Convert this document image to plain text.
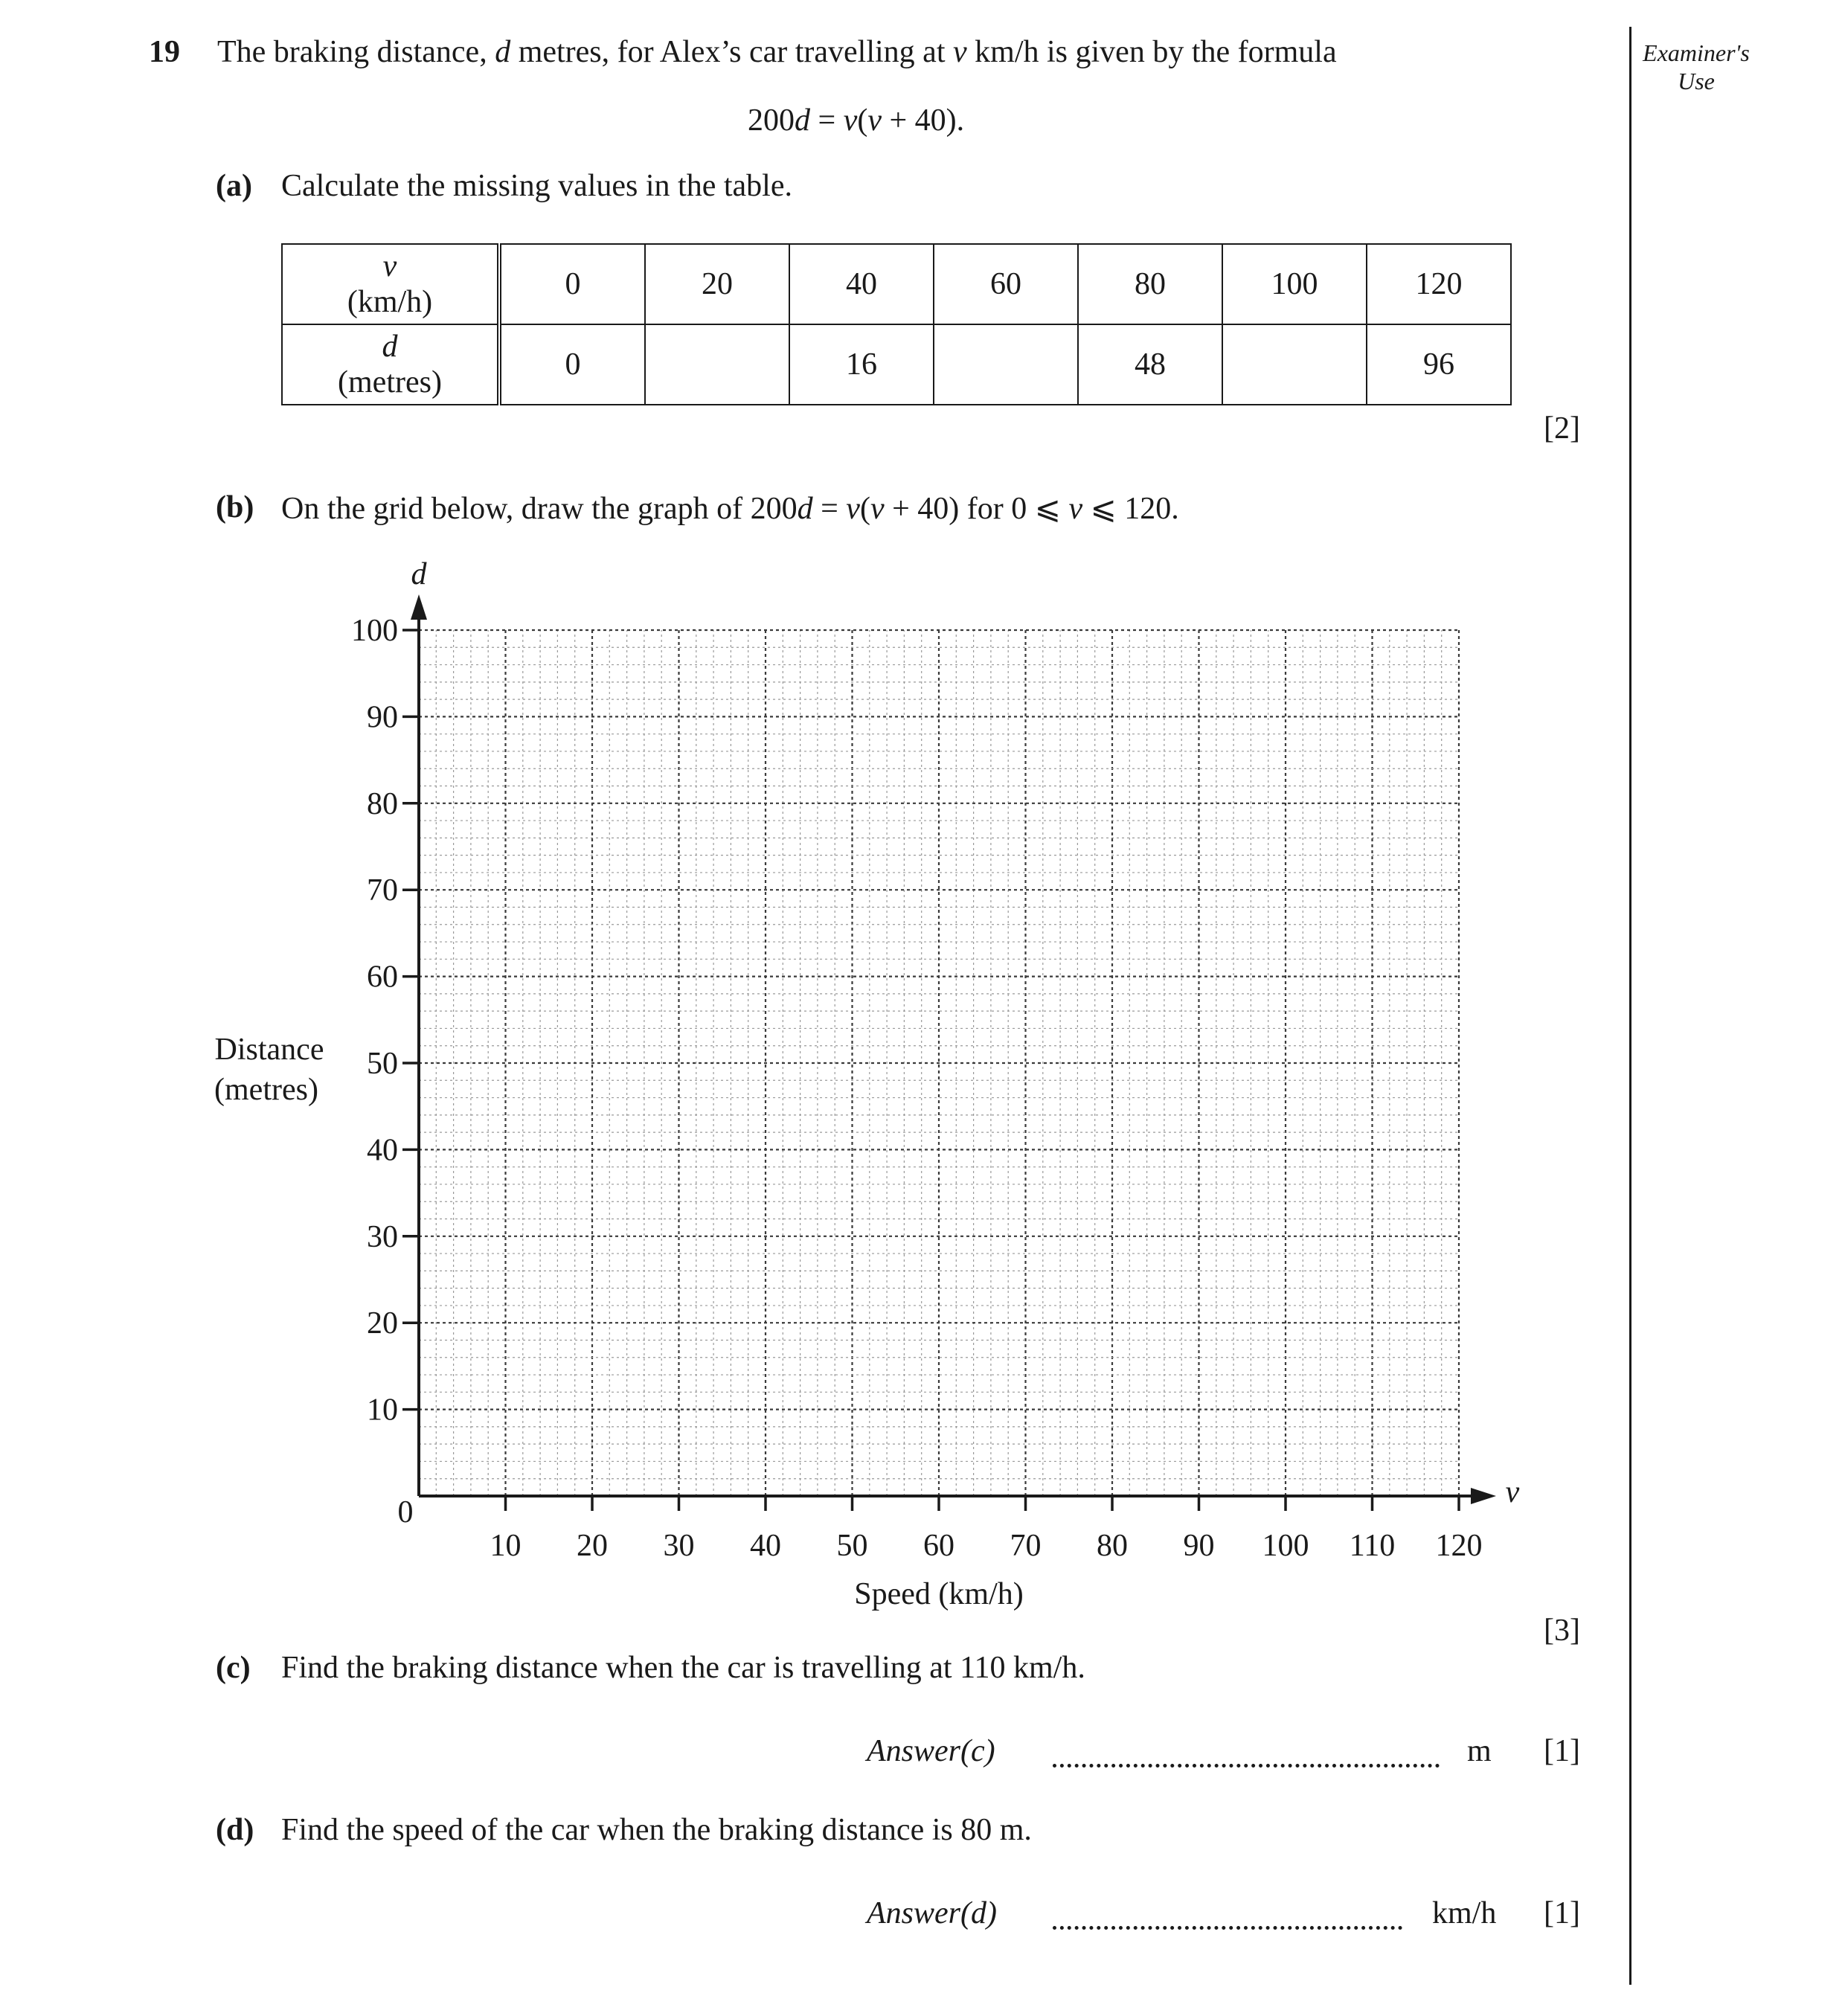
Examiner's
Use
19 The braking distance, d metres, for Alex’s car travelling at v km/h is given by the formula
200d = v(v + 40).
(a) Calculate the missing values in the table.
v
(km/h)	0	20	40	60	80	100	120

d
(metres)	0		16		48		96
[2]
(b) On the grid below, draw the graph of 200d = v(v + 40) for 0 ⩽ v ⩽ 120.
10 20 30 40 50 60 70 80 90 100 110 120
10
20
30
40
50
60
70
80
90
100
d
v
0
Speed (km/h)
Distance
(metres)
[3]
(c) Find the braking distance when the car is travelling at 110 km/h.
Answer(c)	m [1]
(d) Find the speed of the car when the braking distance is 80 m.
Answer(d)	km/h [1]
